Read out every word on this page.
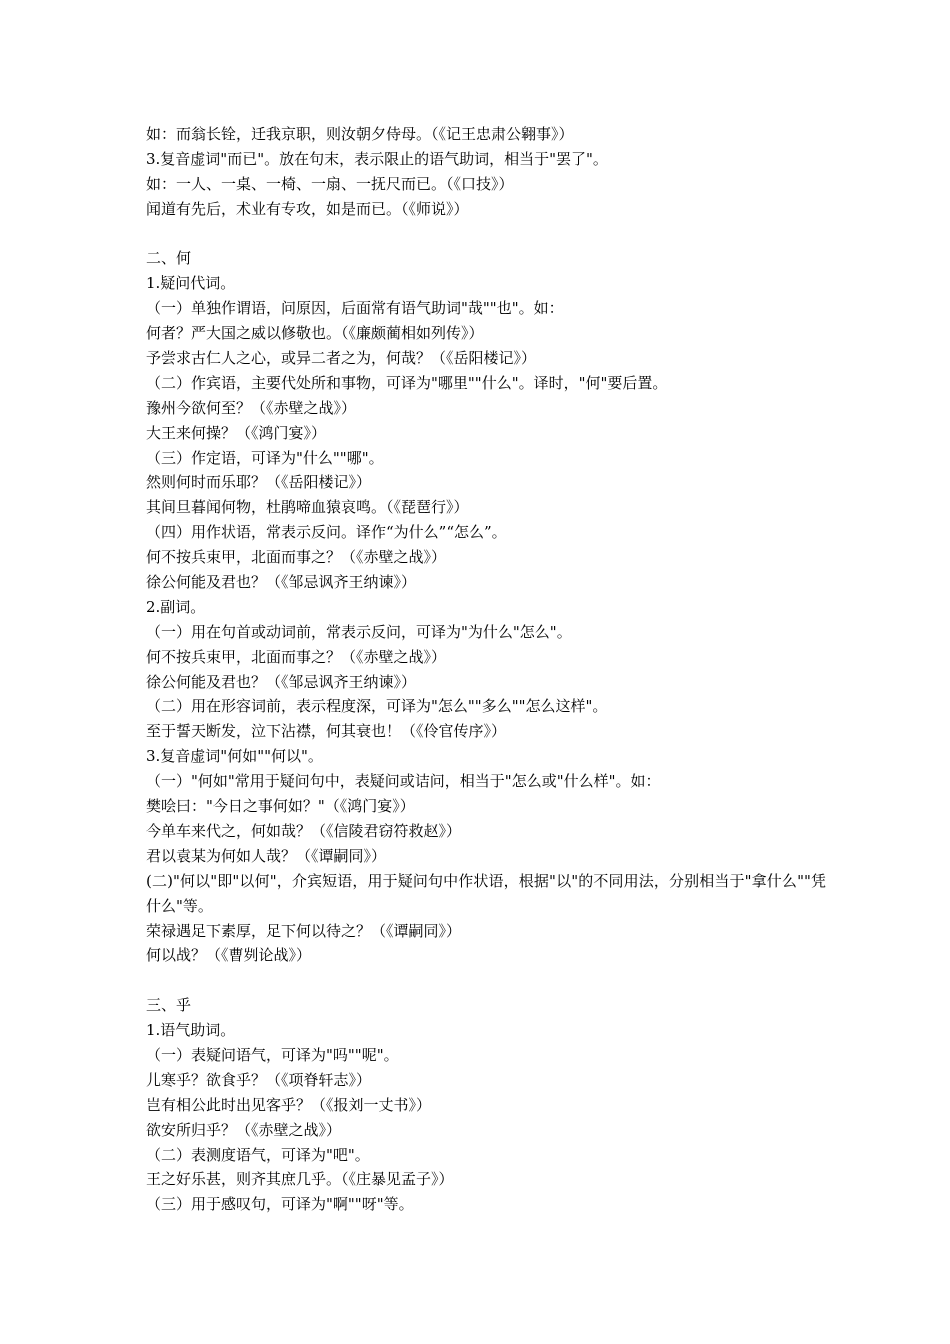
如：而翁长铨，迁我京职，则汝朝夕侍母。（《记王忠肃公翱事》）
3.复音虚词"而已"。放在句末，表示限止的语气助词，相当于"罢了"。
如：一人、一桌、一椅、一扇、一抚尺而已。（《口技》）
闻道有先后，术业有专攻，如是而已。（《师说》）
二、何
1.疑问代词。
（一）单独作谓语，问原因，后面常有语气助词"哉""也"。如：
何者？严大国之威以修敬也。（《廉颇蔺相如列传》）
予尝求古仁人之心，或异二者之为，何哉？（《岳阳楼记》）
（二）作宾语，主要代处所和事物，可译为"哪里""什么"。译时，"何"要后置。
豫州今欲何至？（《赤壁之战》）
大王来何操？（《鸿门宴》）
（三）作定语，可译为"什么""哪"。
然则何时而乐耶？（《岳阳楼记》）
其间旦暮闻何物，杜鹃啼血猿哀鸣。（《琵琶行》）
（四）用作状语，常表示反问。译作“为什么”“怎么”。
何不按兵束甲，北面而事之？（《赤壁之战》）
徐公何能及君也？（《邹忌讽齐王纳谏》）
2.副词。
（一）用在句首或动词前，常表示反问，可译为"为什么"怎么"。
何不按兵束甲，北面而事之？（《赤壁之战》）
徐公何能及君也？（《邹忌讽齐王纳谏》）
（二）用在形容词前，表示程度深，可译为"怎么""多么""怎么这样"。
至于誓天断发，泣下沾襟，何其衰也！（《伶官传序》）
3.复音虚词"何如""何以"。
（一）"何如"常用于疑问句中，表疑问或诘问，相当于"怎么或"什么样"。如：
樊哙曰："今日之事何如？"（《鸿门宴》）
今单车来代之，何如哉？（《信陵君窃符救赵》）
君以袁某为何如人哉？（《谭嗣同》）
(二)"何以"即"以何"，介宾短语，用于疑问句中作状语，根据"以"的不同用法，分别相当于"拿什么""凭什么"等。
荣禄遇足下素厚，足下何以待之？（《谭嗣同》）
何以战？（《曹刿论战》）
三、乎
1.语气助词。
（一）表疑问语气，可译为"吗""呢"。
儿寒乎？欲食乎？（《项脊轩志》）
岂有相公此时出见客乎？（《报刘一丈书》）
欲安所归乎？（《赤壁之战》）
（二）表测度语气，可译为"吧"。
王之好乐甚，则齐其庶几乎。（《庄暴见孟子》）
（三）用于感叹句，可译为"啊""呀"等。
